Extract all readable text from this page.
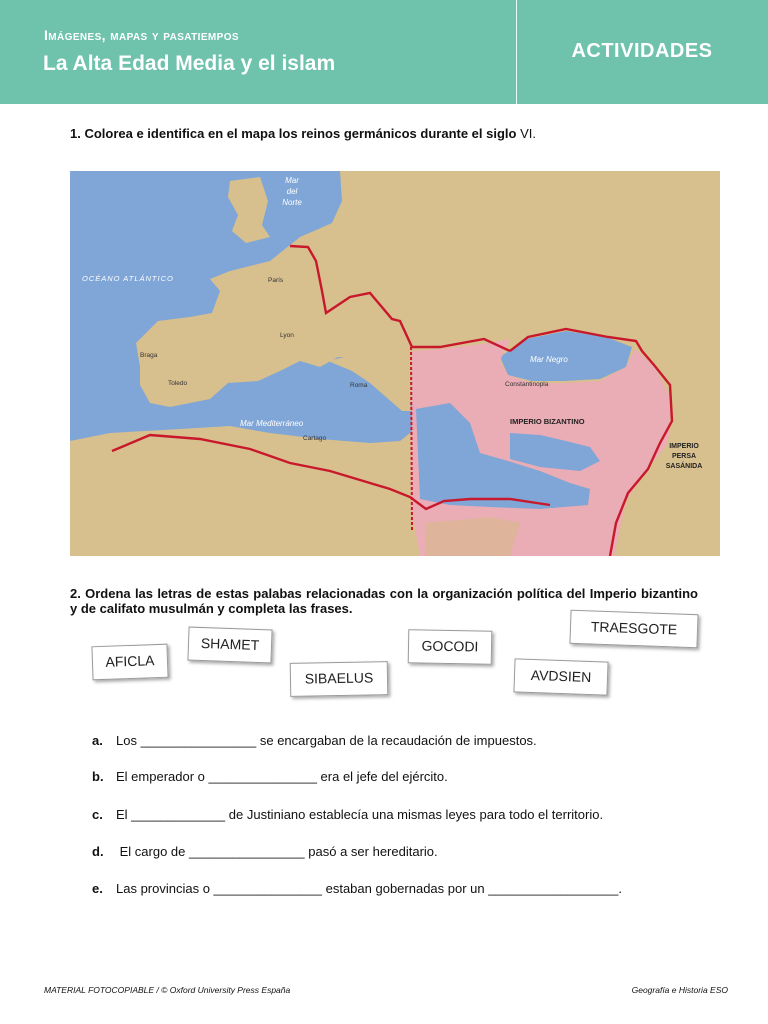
Imágenes, mapas y pasatiempos
La Alta Edad Media y el islam
ACTIVIDADES
1. Colorea e identifica en el mapa los reinos germánicos durante el siglo VI.
Mar
del
Norte
OCÉANO ATLÁNTICO	París
Lyon
Braga
Toledo	Roma
Mar Mediterráneo
Cartago
Mar Negro
Constantinopla
IMPERIO BIZANTINO
IMPERIO
PERSA
SASÁNIDA
2. Ordena las letras de estas palabas relacionadas con la organización política del Imperio bizantino y de califato musulmán y completa las frases.
AFICLA
SHAMET
SIBAELUS
GOCODI
AVDSIEN
TRAESGOTE
a. Los ________________ se encargaban de la recaudación de impuestos.
b. El emperador o _______________ era el jefe del ejército.
c. El _____________ de Justiniano establecía una mismas leyes para todo el territorio.
d. El cargo de ________________ pasó a ser hereditario.
e. Las provincias o _______________ estaban gobernadas por un __________________.
MATERIAL FOTOCOPIABLE / © Oxford University Press España	Geografía e Historia ESO
